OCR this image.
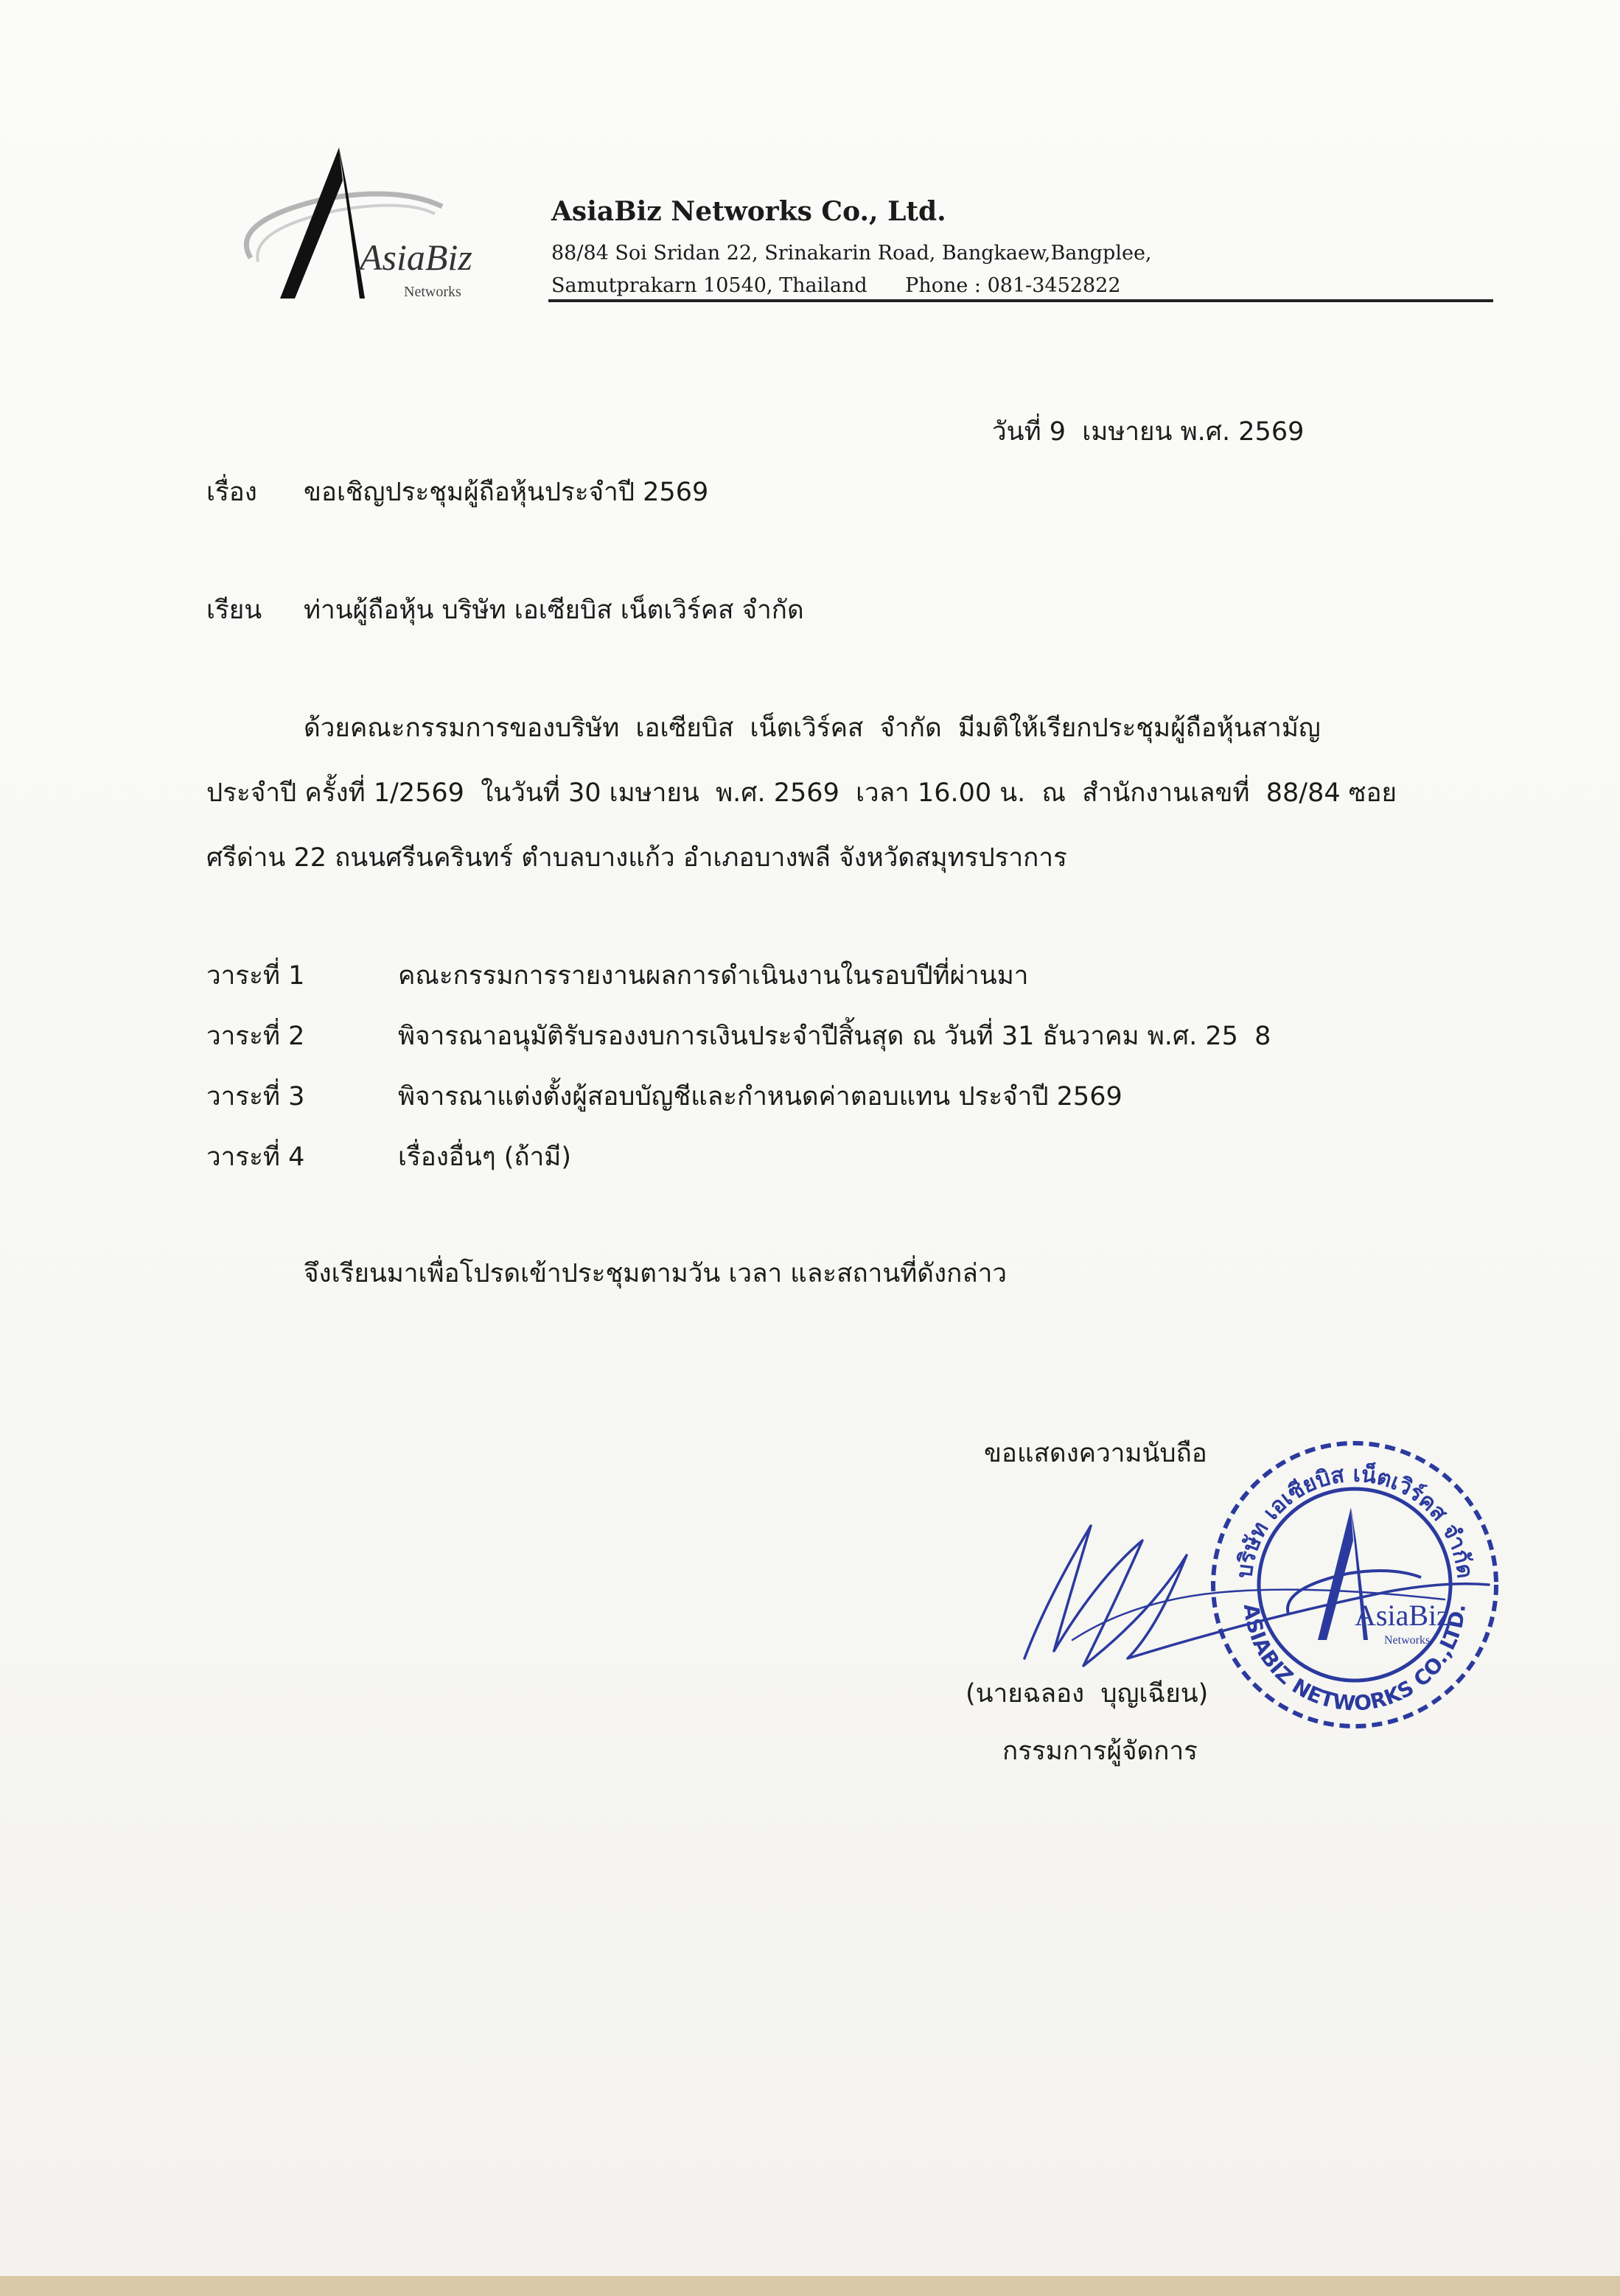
AsiaBiz
Networks
AsiaBiz Networks Co., Ltd.
88/84 Soi Sridan 22, Srinakarin Road, Bangkaew,Bangplee,
Samutprakarn 10540, Thailand      Phone : 081-3452822
วันที่ 9  เมษายน พ.ศ. 2569
เรื่อง ขอเชิญประชุมผู้ถือหุ้นประจำปี 2569
เรียน ท่านผู้ถือหุ้น บริษัท เอเซียบิส เน็ตเวิร์คส จำกัด
ด้วยคณะกรรมการของบริษัท  เอเซียบิส  เน็ตเวิร์คส  จำกัด  มีมติให้เรียกประชุมผู้ถือหุ้นสามัญ
ประจำปี ครั้งที่ 1/2569  ในวันที่ 30 เมษายน  พ.ศ. 2569  เวลา 16.00 น.  ณ  สำนักงานเลขที่  88/84 ซอย
ศรีด่าน 22 ถนนศรีนครินทร์ ตำบลบางแก้ว อำเภอบางพลี จังหวัดสมุทรปราการ
วาระที่ 1	คณะกรรมการรายงานผลการดำเนินงานในรอบปีที่ผ่านมา
วาระที่ 2	พิจารณาอนุมัติรับรองงบการเงินประจำปีสิ้นสุด ณ วันที่ 31 ธันวาคม พ.ศ. 25  8
วาระที่ 3	พิจารณาแต่งตั้งผู้สอบบัญชีและกำหนดค่าตอบแทน ประจำปี 2569
วาระที่ 4	เรื่องอื่นๆ (ถ้ามี)
จึงเรียนมาเพื่อโปรดเข้าประชุมตามวัน เวลา และสถานที่ดังกล่าว
ขอแสดงความนับถือ
บริษัท เอเซียบิส เน็ตเวิร์คส จำกัด
ASIABIZ NETWORKS CO.,LTD.
AsiaBiz
Networks
(นายฉลอง  บุญเฉียน)
กรรมการผู้จัดการ
